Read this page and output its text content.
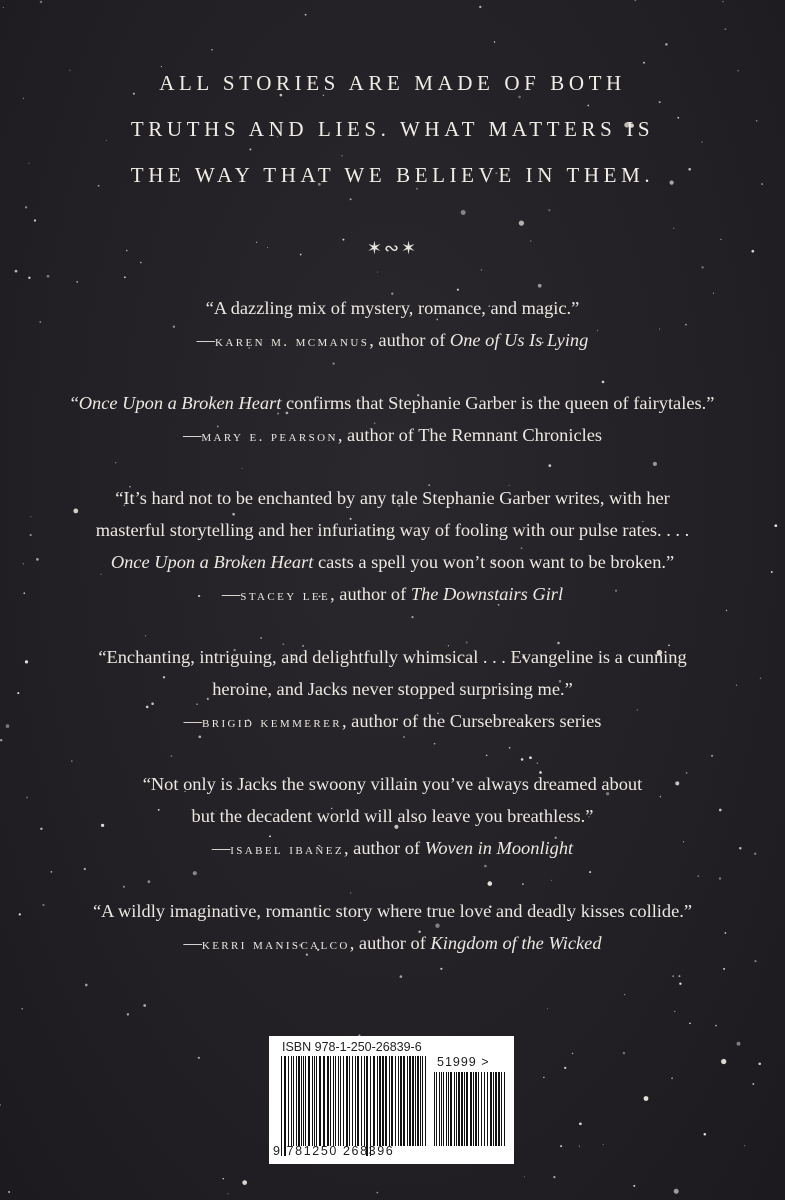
ALL STORIES ARE MADE OF BOTH
TRUTHS AND LIES. WHAT MATTERS IS
THE WAY THAT WE BELIEVE IN THEM.
✶∾✶
“A dazzling mix of mystery, romance, and magic.”
—karen m. mcmanus, author of One of Us Is Lying
“Once Upon a Broken Heart confirms that Stephanie Garber is the queen of fairytales.”
—mary e. pearson, author of The Remnant Chronicles
“It’s hard not to be enchanted by any tale Stephanie Garber writes, with her
masterful storytelling and her infuriating way of fooling with our pulse rates. . . .
Once Upon a Broken Heart casts a spell you won’t soon want to be broken.”
—stacey lee, author of The Downstairs Girl
“Enchanting, intriguing, and delightfully whimsical . . . Evangeline is a cunning
heroine, and Jacks never stopped surprising me.”
—brigid kemmerer, author of the Cursebreakers series
“Not only is Jacks the swoony villain you’ve always dreamed about
but the decadent world will also leave you breathless.”
—isabel ibañez, author of Woven in Moonlight
“A wildly imaginative, romantic story where true love and deadly kisses collide.”
—kerri maniscalco, author of Kingdom of the Wicked
ISBN 978-1-250-26839-6
51999 >
9 781250 268396
